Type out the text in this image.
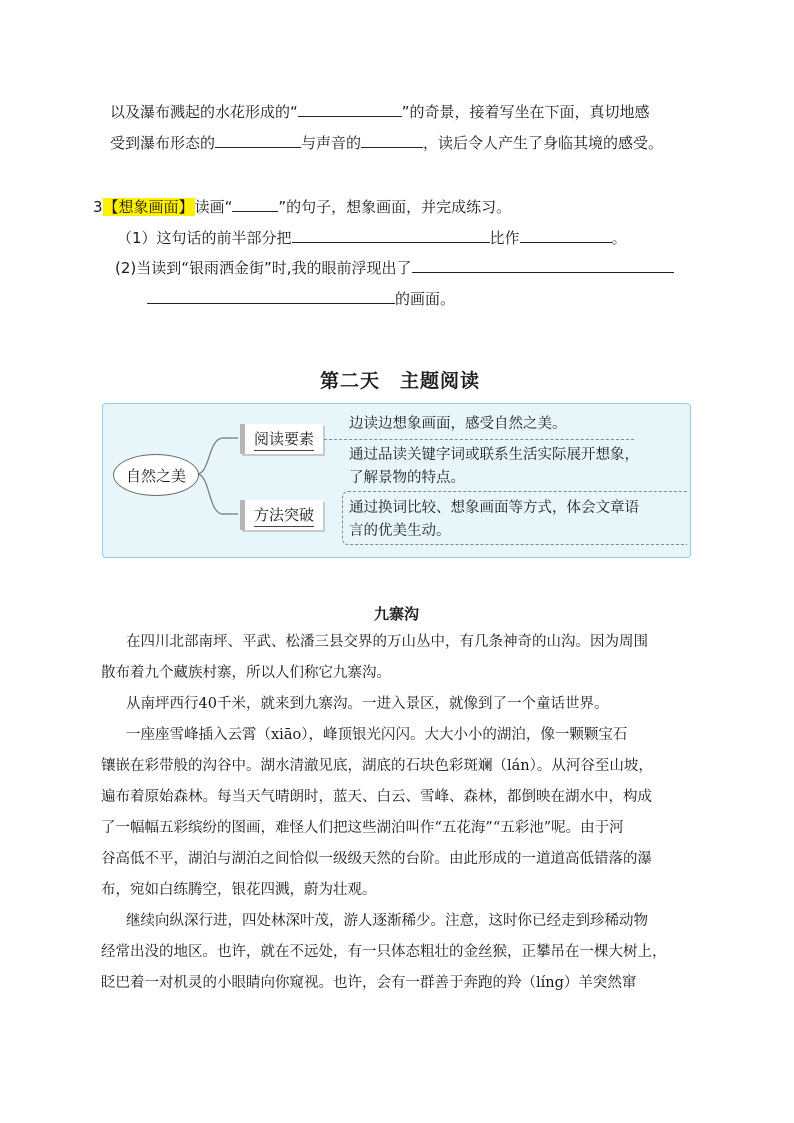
以及瀑布溅起的水花形成的“	”的奇景，接着写坐在下面，真切地感
受到瀑布形态的	与声音的	，读后令人产生了身临其境的感受。
3【想象画面】读画“	”的句子，想象画面，并完成练习。
（1）这句话的前半部分把	比作	。
(2)当读到“银雨洒金街”时,我的眼前浮现出了
的画面。
第二天　主题阅读
自然之美
阅读要素
方法突破
边读边想象画面，感受自然之美。
通过品读关键字词或联系生活实际展开想象，
了解景物的特点。
通过换词比较、想象画面等方式，体会文章语
言的优美生动。
九寨沟
在四川北部南坪、平武、松潘三县交界的万山丛中，有几条神奇的山沟。因为周围
散布着九个藏族村寨，所以人们称它九寨沟。
从南坪西行40千米，就来到九寨沟。一进入景区，就像到了一个童话世界。
一座座雪峰插入云霄（xiāo），峰顶银光闪闪。大大小小的湖泊，像一颗颗宝石
镶嵌在彩带般的沟谷中。湖水清澈见底，湖底的石块色彩斑斓（lán）。从河谷至山坡，
遍布着原始森林。每当天气晴朗时，蓝天、白云、雪峰、森林，都倒映在湖水中，构成
了一幅幅五彩缤纷的图画，难怪人们把这些湖泊叫作“五花海”“五彩池”呢。由于河
谷高低不平，湖泊与湖泊之间恰似一级级天然的台阶。由此形成的一道道高低错落的瀑
布，宛如白练腾空，银花四溅，蔚为壮观。
继续向纵深行进，四处林深叶茂，游人逐渐稀少。注意，这时你已经走到珍稀动物
经常出没的地区。也许，就在不远处，有一只体态粗壮的金丝猴，正攀吊在一棵大树上，
眨巴着一对机灵的小眼睛向你窥视。也许，会有一群善于奔跑的羚（líng）羊突然窜
